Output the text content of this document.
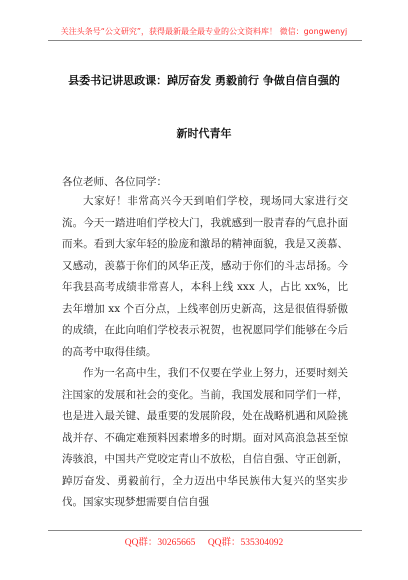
关注头条号“公文研究”，获得最新最全最专业的公文资料库！ 微信：gongwenyj
县委书记讲思政课：踔厉奋发 勇毅前行 争做自信自强的
新时代青年
各位老师、各位同学：

大家好！非常高兴今天到咱们学校，现场同大家进行交流。今天一踏进咱们学校大门，我就感到一股青春的气息扑面而来。看到大家年轻的脸庞和激昂的精神面貌，我是又羡慕、又感动，羡慕于你们的风华正茂，感动于你们的斗志昂扬。今年我县高考成绩非常喜人，本科上线 xxx 人，占比 xx%，比去年增加 xx 个百分点，上线率创历史新高，这是很值得骄傲的成绩，在此向咱们学校表示祝贺，也祝愿同学们能够在今后的高考中取得佳绩。

作为一名高中生，我们不仅要在学业上努力，还要时刻关注国家的发展和社会的变化。当前，我国发展和同学们一样，也是进入最关键、最重要的发展阶段，处在战略机遇和风险挑战并存、不确定难预料因素增多的时期。面对风高浪急甚至惊涛骇浪，中国共产党咬定青山不放松，自信自强、守正创新，踔厉奋发、勇毅前行，全力迈出中华民族伟大复兴的坚实步伐。国家实现梦想需要自信自强

QQ群：30265665 QQ群：535304092
